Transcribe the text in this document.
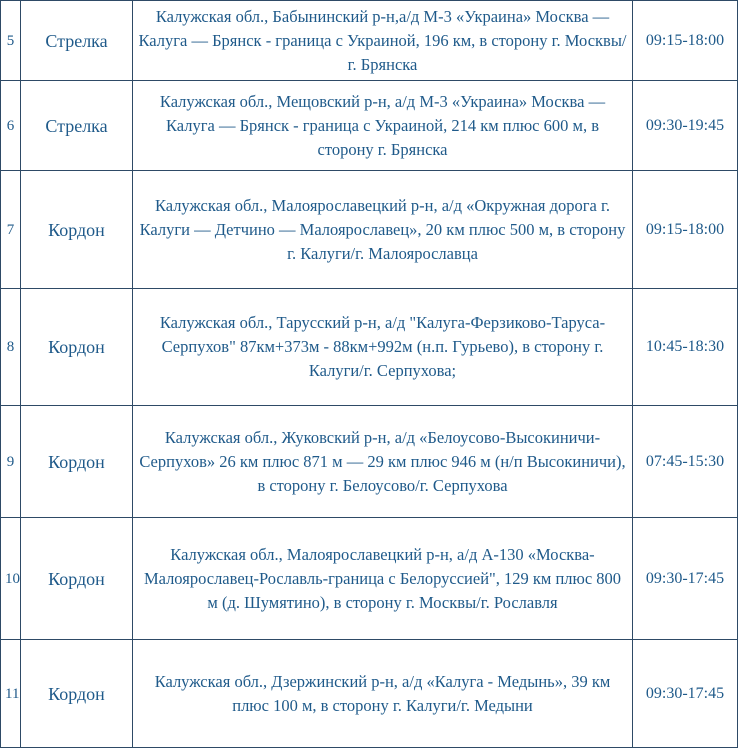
5	Стрелка	Калужская обл., Бабынинский р-н,а/д М-3 «Украина» Москва — Калуга — Брянск - граница с Украиной, 196 км, в сторону г. Москвы/г. Брянска	09:15-18:00
6	Стрелка	Калужская обл., Мещовский р-н, а/д М-3 «Украина» Москва — Калуга — Брянск - граница с Украиной, 214 км плюс 600 м, в сторону г. Брянска	09:30-19:45
7	Кордон	Калужская обл., Малоярославецкий р-н, а/д «Окружная дорога г. Калуги — Детчино — Малоярославец», 20 км плюс 500 м, в сторону г. Калуги/г. Малоярославца	09:15-18:00
8	Кордон	Калужская обл., Тарусский р-н, а/д "Калуга-Ферзиково-Таруса-Серпухов" 87км+373м - 88км+992м (н.п. Гурьево), в сторону г. Калуги/г. Серпухова;	10:45-18:30
9	Кордон	Калужская обл., Жуковский р-н, а/д «Белоусово-Высокиничи- Серпухов» 26 км плюс 871 м — 29 км плюс 946 м (н/п Высокиничи), в сторону г. Белоусово/г. Серпухова	07:45-15:30
10	Кордон	Калужская обл., Малоярославецкий р-н, а/д А-130 «Москва-Малоярославец-Рославль-граница с Белоруссией", 129 км плюс 800 м (д. Шумятино), в сторону г. Москвы/г. Рославля	09:30-17:45
11	Кордон	Калужская обл., Дзержинский р-н, а/д «Калуга - Медынь», 39 км плюс 100 м, в сторону г. Калуги/г. Медыни	09:30-17:45
